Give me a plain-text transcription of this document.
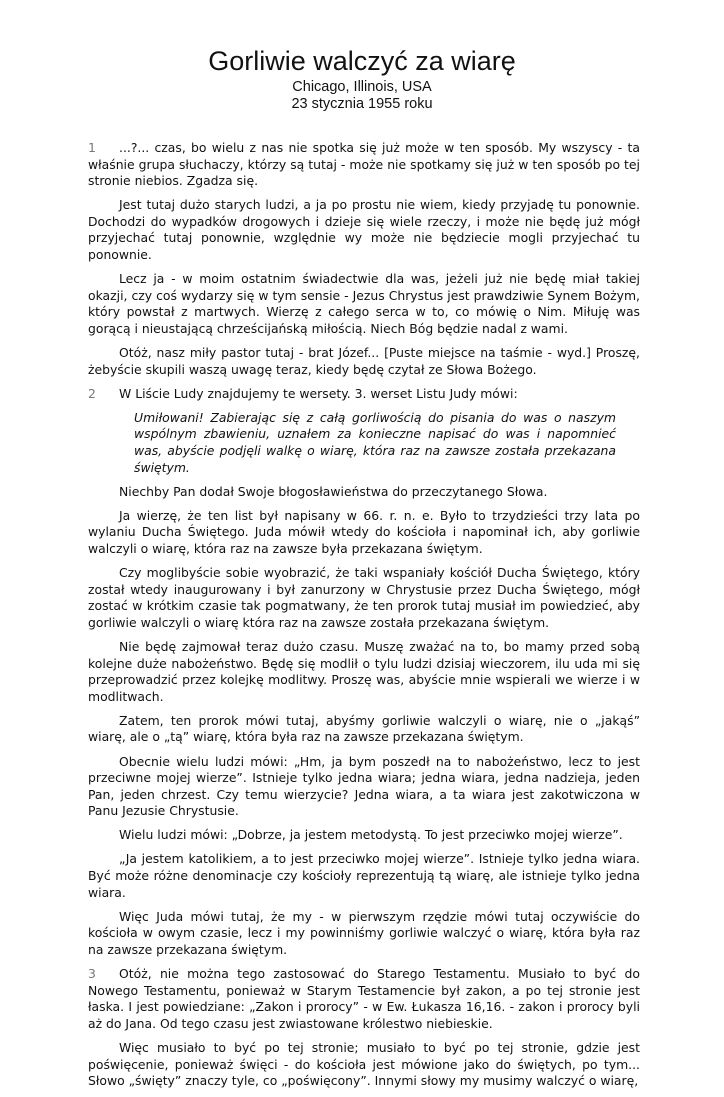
Gorliwie walczyć za wiarę
Chicago, Illinois, USA
23 stycznia 1955 roku

1 ...?... czas, bo wielu z nas nie spotka się już może w ten sposób. My wszyscy - ta właśnie grupa słuchaczy, którzy są tutaj - może nie spotkamy się już w ten sposób po tej stronie niebios. Zgadza się.

Jest tutaj dużo starych ludzi, a ja po prostu nie wiem, kiedy przyjadę tu ponownie. Dochodzi do wypadków drogowych i dzieje się wiele rzeczy, i może nie będę już mógł przyjechać tutaj ponownie, względnie wy może nie będziecie mogli przyjechać tu ponownie.

Lecz ja - w moim ostatnim świadectwie dla was, jeżeli już nie będę miał takiej okazji, czy coś wydarzy się w tym sensie - Jezus Chrystus jest prawdziwie Synem Bożym, który powstał z martwych. Wierzę z całego serca w to, co mówię o Nim. Miłuję was gorącą i nieustającą chrześcijańską miłością. Niech Bóg będzie nadal z wami.

Otóż, nasz miły pastor tutaj - brat Józef... [Puste miejsce na taśmie - wyd.] Proszę, żebyście skupili waszą uwagę teraz, kiedy będę czytał ze Słowa Bożego.

2 W Liście Ludy znajdujemy te wersety. 3. werset Listu Judy mówi:

Umiłowani! Zabierając się z całą gorliwością do pisania do was o naszym wspólnym zbawieniu, uznałem za konieczne napisać do was i napomnieć was, abyście podjęli walkę o wiarę, która raz na zawsze została przekazana świętym.

Niechby Pan dodał Swoje błogosławieństwa do przeczytanego Słowa.

Ja wierzę, że ten list był napisany w 66. r. n. e. Było to trzydzieści trzy lata po wylaniu Ducha Świętego. Juda mówił wtedy do kościoła i napominał ich, aby gorliwie walczyli o wiarę, która raz na zawsze była przekazana świętym.

Czy moglibyście sobie wyobrazić, że taki wspaniały kościół Ducha Świętego, który został wtedy inaugurowany i był zanurzony w Chrystusie przez Ducha Świętego, mógł zostać w krótkim czasie tak pogmatwany, że ten prorok tutaj musiał im powiedzieć, aby gorliwie walczyli o wiarę która raz na zawsze została przekazana świętym.

Nie będę zajmował teraz dużo czasu. Muszę zważać na to, bo mamy przed sobą kolejne duże nabożeństwo. Będę się modlił o tylu ludzi dzisiaj wieczorem, ilu uda mi się przeprowadzić przez kolejkę modlitwy. Proszę was, abyście mnie wspierali we wierze i w modlitwach.

Zatem, ten prorok mówi tutaj, abyśmy gorliwie walczyli o wiarę, nie o „jakąś” wiarę, ale o „tą” wiarę, która była raz na zawsze przekazana świętym.

Obecnie wielu ludzi mówi: „Hm, ja bym poszedł na to nabożeństwo, lecz to jest przeciwne mojej wierze”. Istnieje tylko jedna wiara; jedna wiara, jedna nadzieja, jeden Pan, jeden chrzest. Czy temu wierzycie? Jedna wiara, a ta wiara jest zakotwiczona w Panu Jezusie Chrystusie.

Wielu ludzi mówi: „Dobrze, ja jestem metodystą. To jest przeciwko mojej wierze”.

„Ja jestem katolikiem, a to jest przeciwko mojej wierze”. Istnieje tylko jedna wiara. Być może różne denominacje czy kościoły reprezentują tą wiarę, ale istnieje tylko jedna wiara.

Więc Juda mówi tutaj, że my - w pierwszym rzędzie mówi tutaj oczywiście do kościoła w owym czasie, lecz i my powinniśmy gorliwie walczyć o wiarę, która była raz na zawsze przekazana świętym.

3 Otóż, nie można tego zastosować do Starego Testamentu. Musiało to być do Nowego Testamentu, ponieważ w Starym Testamencie był zakon, a po tej stronie jest łaska. I jest powiedziane: „Zakon i prorocy” - w Ew. Łukasza 16,16. - zakon i prorocy byli aż do Jana. Od tego czasu jest zwiastowane królestwo niebieskie.

Więc musiało to być po tej stronie; musiało to być po tej stronie, gdzie jest poświęcenie, ponieważ święci - do kościoła jest mówione jako do świętych, po tym... Słowo „święty” znaczy tyle, co „poświęcony”. Innymi słowy my musimy walczyć o wiarę,
